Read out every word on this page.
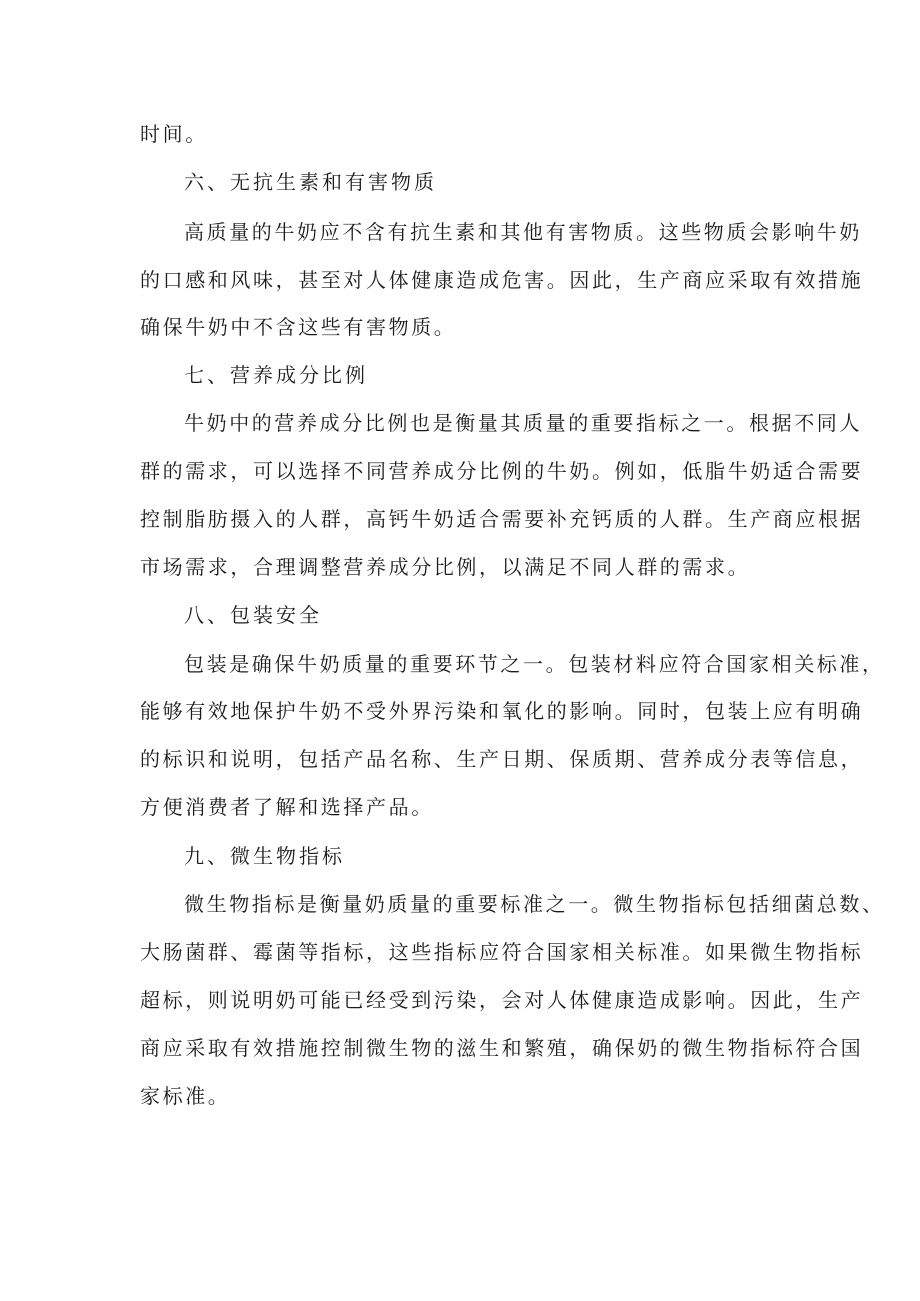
时间。
六、无抗生素和有害物质
高质量的牛奶应不含有抗生素和其他有害物质。这些物质会影响牛奶
的口感和风味，甚至对人体健康造成危害。因此，生产商应采取有效措施
确保牛奶中不含这些有害物质。
七、营养成分比例
牛奶中的营养成分比例也是衡量其质量的重要指标之一。根据不同人
群的需求，可以选择不同营养成分比例的牛奶。例如，低脂牛奶适合需要
控制脂肪摄入的人群，高钙牛奶适合需要补充钙质的人群。生产商应根据
市场需求，合理调整营养成分比例，以满足不同人群的需求。
八、包装安全
包装是确保牛奶质量的重要环节之一。包装材料应符合国家相关标准，
能够有效地保护牛奶不受外界污染和氧化的影响。同时，包装上应有明确
的标识和说明，包括产品名称、生产日期、保质期、营养成分表等信息，
方便消费者了解和选择产品。
九、微生物指标
微生物指标是衡量奶质量的重要标准之一。微生物指标包括细菌总数、
大肠菌群、霉菌等指标，这些指标应符合国家相关标准。如果微生物指标
超标，则说明奶可能已经受到污染，会对人体健康造成影响。因此，生产
商应采取有效措施控制微生物的滋生和繁殖，确保奶的微生物指标符合国
家标准。
